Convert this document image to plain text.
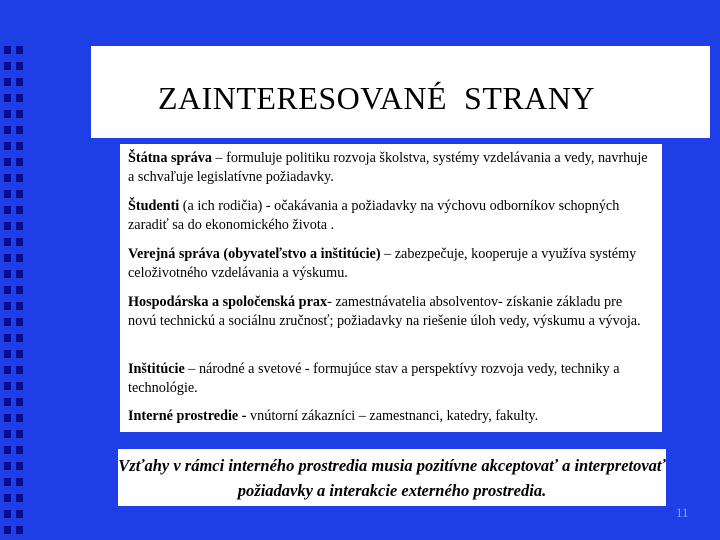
ZAINTERESOVANÉ  STRANY
Štátna správa – formuluje politiku rozvoja školstva, systémy vzdelávania a vedy, navrhuje a schvaľuje legislatívne požiadavky.
Študenti (a ich rodičia) - očakávania a požiadavky na výchovu odborníkov schopných zaradiť sa do ekonomického života .
Verejná správa (obyvateľstvo a inštitúcie) – zabezpečuje, kooperuje a využíva systémy celoživotného vzdelávania a výskumu.
Hospodárska a spoločenská prax- zamestnávatelia absolventov- získanie základu pre novú technickú a sociálnu zručnosť; požiadavky na riešenie úloh vedy, výskumu a vývoja.
Inštitúcie – národné a svetové - formujúce stav a perspektívy rozvoja vedy, techniky a technológie.
Interné prostredie - vnútorní zákazníci – zamestnanci, katedry, fakulty.
Vzťahy v rámci interného prostredia musia pozitívne akceptovať a interpretovať požiadavky a interakcie externého prostredia.
11
